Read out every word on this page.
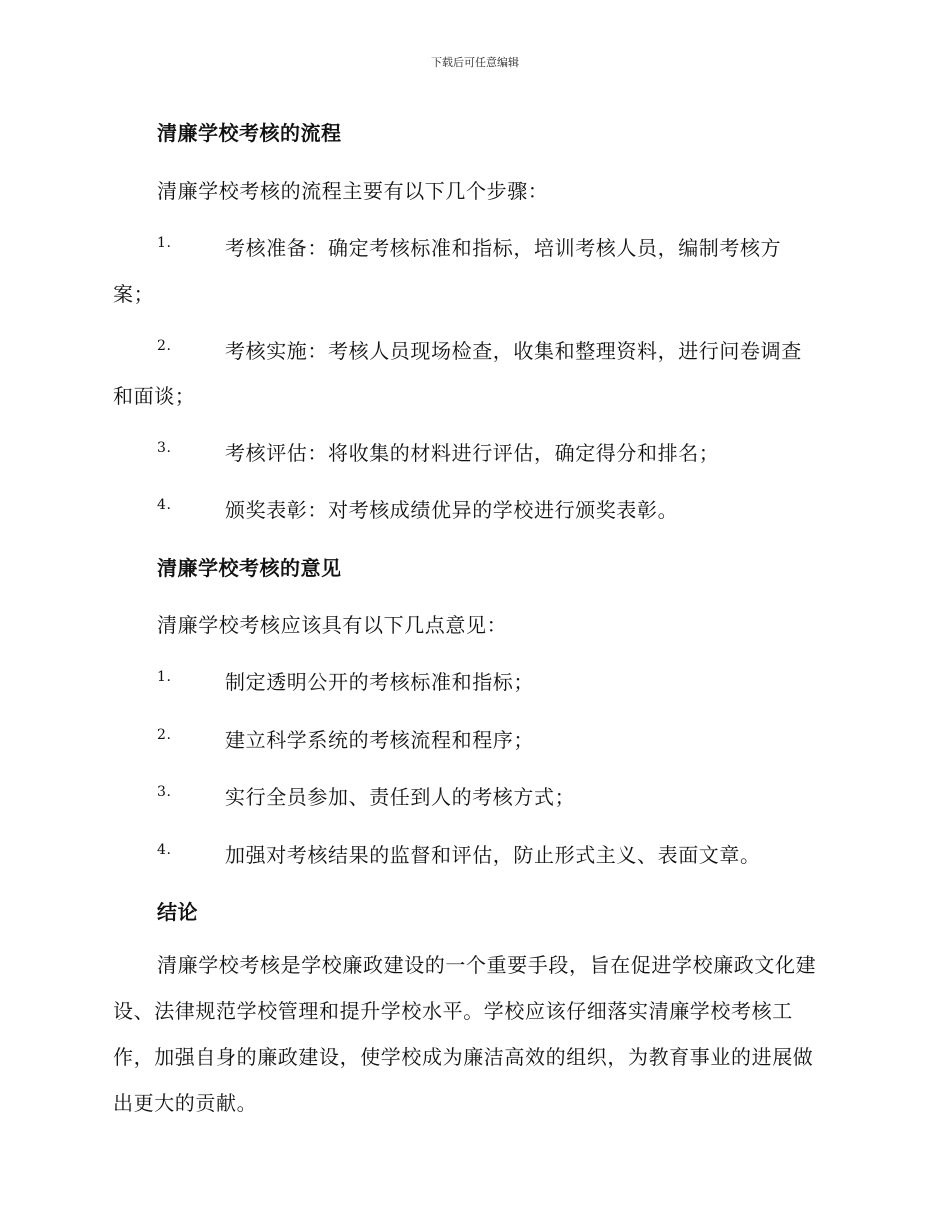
下载后可任意编辑
清廉学校考核的流程
清廉学校考核的流程主要有以下几个步骤：
1.	考核准备：确定考核标准和指标，培训考核人员，编制考核方
案；
2.	考核实施：考核人员现场检查，收集和整理资料，进行问卷调查
和面谈；
3.	考核评估：将收集的材料进行评估，确定得分和排名；
4.	颁奖表彰：对考核成绩优异的学校进行颁奖表彰。
清廉学校考核的意见
清廉学校考核应该具有以下几点意见：
1.	制定透明公开的考核标准和指标；
2.	建立科学系统的考核流程和程序；
3.	实行全员参加、责任到人的考核方式；
4.	加强对考核结果的监督和评估，防止形式主义、表面文章。
结论
清廉学校考核是学校廉政建设的一个重要手段，旨在促进学校廉政文化建设、法律规范学校管理和提升学校水平。学校应该仔细落实清廉学校考核工作，加强自身的廉政建设，使学校成为廉洁高效的组织，为教育事业的进展做出更大的贡献。
